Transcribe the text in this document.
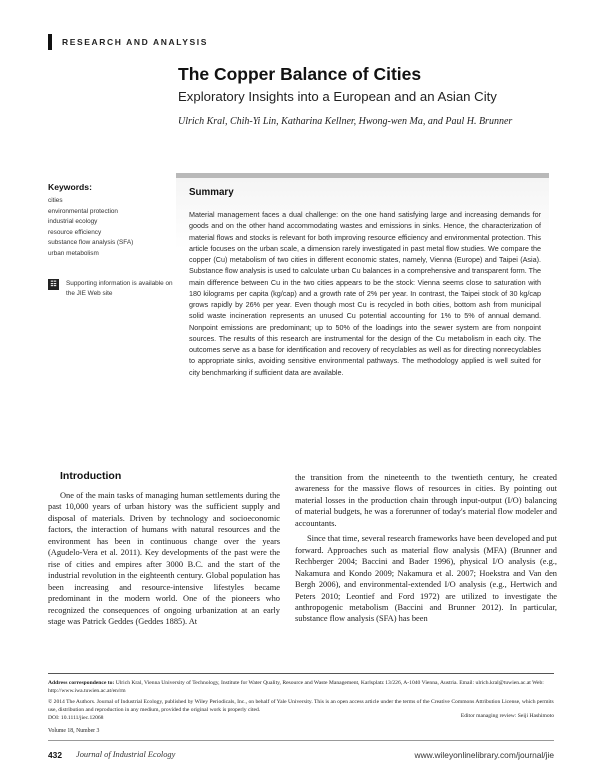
RESEARCH AND ANALYSIS
The Copper Balance of Cities
Exploratory Insights into a European and an Asian City
Ulrich Kral, Chih-Yi Lin, Katharina Kellner, Hwong-wen Ma, and Paul H. Brunner
Keywords:
cities
environmental protection
industrial ecology
resource efficiency
substance flow analysis (SFA)
urban metabolism
☷	Supporting information is available on the JIE Web site
Summary

Material management faces a dual challenge: on the one hand satisfying large and increasing demands for goods and on the other hand accommodating wastes and emissions in sinks. Hence, the characterization of material flows and stocks is relevant for both improving resource efficiency and environmental protection. This article focuses on the urban scale, a dimension rarely investigated in past metal flow studies. We compare the copper (Cu) metabolism of two cities in different economic states, namely, Vienna (Europe) and Taipei (Asia). Substance flow analysis is used to calculate urban Cu balances in a comprehensive and transparent form. The main difference between Cu in the two cities appears to be the stock: Vienna seems close to saturation with 180 kilograms per capita (kg/cap) and a growth rate of 2% per year. In contrast, the Taipei stock of 30 kg/cap grows rapidly by 26% per year. Even though most Cu is recycled in both cities, bottom ash from municipal solid waste incineration represents an unused Cu potential accounting for 1% to 5% of annual demand. Nonpoint emissions are predominant; up to 50% of the loadings into the sewer system are from nonpoint sources. The results of this research are instrumental for the design of the Cu metabolism in each city. The outcomes serve as a base for identification and recovery of recyclables as well as for directing nonrecyclables to appropriate sinks, avoiding sensitive environmental pathways. The methodology applied is well suited for city benchmarking if sufficient data are available.

Introduction

One of the main tasks of managing human settlements during the past 10,000 years of urban history was the sufficient supply and disposal of materials. Driven by technology and socioeconomic factors, the interaction of humans with natural resources and the environment has been in continuous change over the years (Agudelo-Vera et al. 2011). Key developments of the past were the rise of cities and empires after 3000 B.C. and the start of the industrial revolution in the eighteenth century. Global population has been increasing and resource-intensive lifestyles became predominant in the modern world. One of the pioneers who recognized the consequences of ongoing urbanization at an early stage was Patrick Geddes (Geddes 1885). At

the transition from the nineteenth to the twentieth century, he created awareness for the massive flows of resources in cities. By pointing out material losses in the production chain through input-output (I/O) balancing of material budgets, he was a forerunner of today's material flow modeler and accountants.

Since that time, several research frameworks have been developed and put forward. Approaches such as material flow analysis (MFA) (Brunner and Rechberger 2004; Baccini and Bader 1996), physical I/O analysis (e.g., Nakamura and Kondo 2009; Nakamura et al. 2007; Hoekstra and Van den Bergh 2006), and environmental-extended I/O analysis (e.g., Hertwich and Peters 2010; Leontief and Ford 1972) are utilized to investigate the anthropogenic metabolism (Baccini and Brunner 2012). In particular, substance flow analysis (SFA) has been

Address correspondence to: Ulrich Kral, Vienna University of Technology, Institute for Water Quality, Resource and Waste Management, Karlsplatz 13/226, A-1040 Vienna, Austria. Email: ulrich.kral@tuwien.ac.at Web: http://www.iwa.tuwien.ac.at/en/rm
© 2014 The Authors. Journal of Industrial Ecology, published by Wiley Periodicals, Inc., on behalf of Yale University. This is an open access article under the terms of the Creative Commons Attribution License, which permits use, distribution and reproduction in any medium, provided the original work is properly cited.
DOI: 10.1111/jiec.12068	Editor managing review: Seiji Hashimoto
Volume 18, Number 3
432 Journal of Industrial Ecology	www.wileyonlinelibrary.com/journal/jie
